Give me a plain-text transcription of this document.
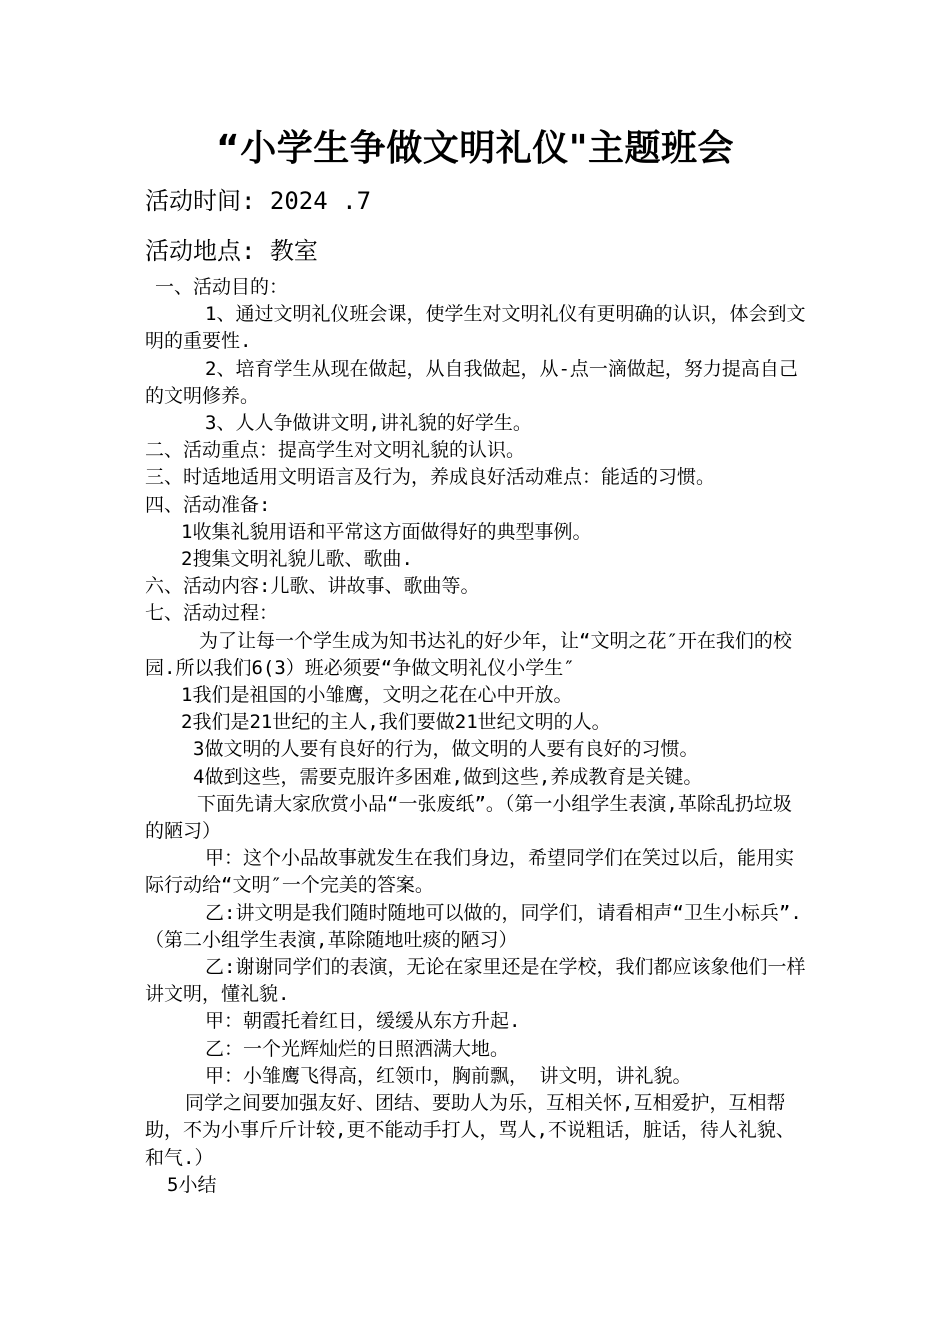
“小学生争做文明礼仪"主题班会
活动时间: 2024 .7
活动地点: 教室

一、活动目的：

1、通过文明礼仪班会课，使学生对文明礼仪有更明确的认识，体会到文明的重要性.

2、培育学生从现在做起，从自我做起，从-点一滴做起，努力提高自己的文明修养。

3、人人争做讲文明,讲礼貌的好学生。

二、活动重点：提高学生对文明礼貌的认识。

三、时适地适用文明语言及行为，养成良好活动难点：能适的习惯。

四、活动准备:

1收集礼貌用语和平常这方面做得好的典型事例。

2搜集文明礼貌儿歌、歌曲.

六、活动内容:儿歌、讲故事、歌曲等。

七、活动过程：

为了让每一个学生成为知书达礼的好少年，让“文明之花″开在我们的校园.所以我们6(3）班必须要“争做文明礼仪小学生″

1我们是祖国的小雏鹰，文明之花在心中开放。

2我们是21世纪的主人,我们要做21世纪文明的人。

3做文明的人要有良好的行为，做文明的人要有良好的习惯。

4做到这些，需要克服许多困难,做到这些,养成教育是关键。

下面先请大家欣赏小品“一张废纸”。（第一小组学生表演,革除乱扔垃圾的陋习）

甲：这个小品故事就发生在我们身边，希望同学们在笑过以后，能用实际行动给“文明″一个完美的答案。

乙:讲文明是我们随时随地可以做的，同学们，请看相声“卫生小标兵”.（第二小组学生表演,革除随地吐痰的陋习）

乙:谢谢同学们的表演，无论在家里还是在学校，我们都应该象他们一样讲文明，懂礼貌.

甲：朝霞托着红日，缓缓从东方升起.

乙：一个光辉灿烂的日照洒满大地。

甲：小雏鹰飞得高，红领巾，胸前飘， 讲文明，讲礼貌。

同学之间要加强友好、团结、要助人为乐，互相关怀,互相爱护，互相帮助，不为小事斤斤计较,更不能动手打人，骂人,不说粗话，脏话，待人礼貌、和气.）

5小结
